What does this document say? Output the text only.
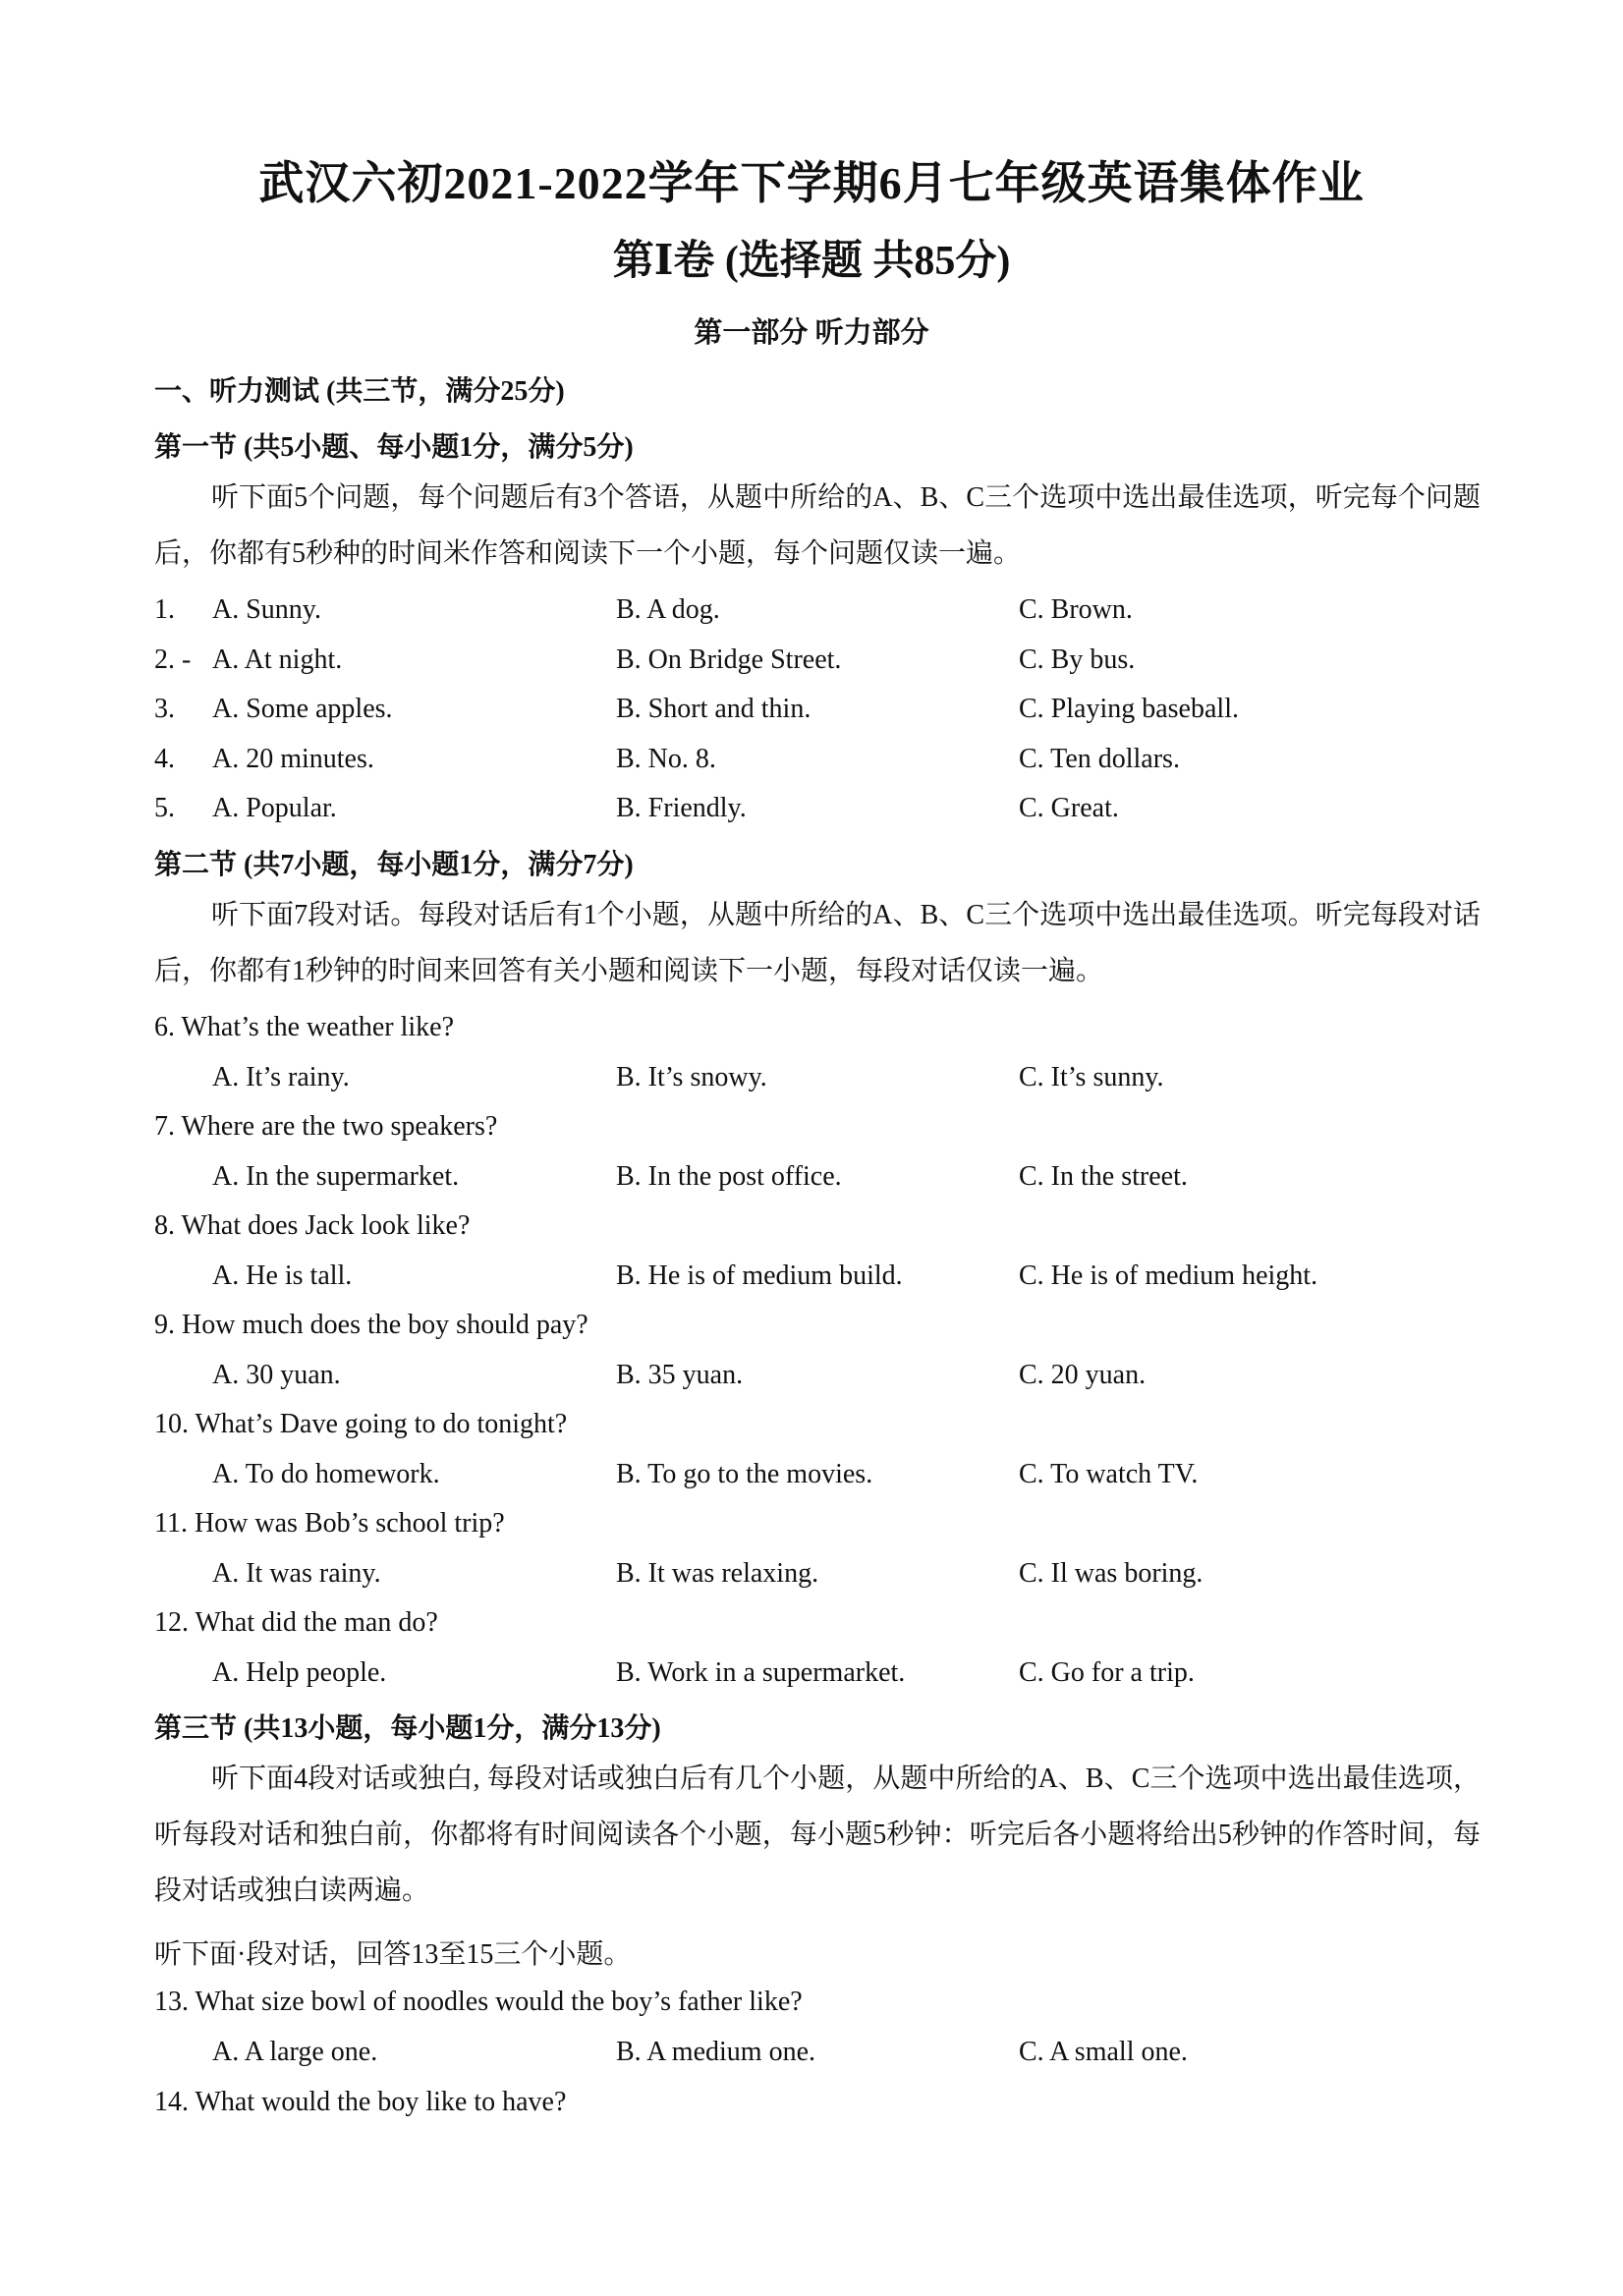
武汉六初2021-2022学年下学期6月七年级英语集体作业
第Ⅰ卷 (选择题 共85分)
第一部分 听力部分
一、听力测试 (共三节，满分25分)
第一节 (共5小题、每小题1分，满分5分)
听下面5个问题，每个问题后有3个答语，从题中所给的A、B、C三个选项中选出最佳选项，听完每个问题后，你都有5秒种的时间米作答和阅读下一个小题，每个问题仅读一遍。
1. A. Sunny.	B. A dog.	C. Brown.
2. - A. At night.	B. On Bridge Street.	C. By bus.
3. A. Some apples.	B. Short and thin.	C. Playing baseball.
4. A. 20 minutes.	B. No. 8.	C. Ten dollars.
5. A. Popular.	B. Friendly.	C. Great.
第二节 (共7小题，每小题1分，满分7分)
听下面7段对话。每段对话后有1个小题，从题中所给的A、B、C三个选项中选出最佳选项。听完每段对话后，你都有1秒钟的时间来回答有关小题和阅读下一小题，每段对话仅读一遍。
6. What’s the weather like?
A. It’s rainy.	B. It’s snowy.	C. It’s sunny.
7. Where are the two speakers?
A. In the supermarket.	B. In the post office.	C. In the street.
8. What does Jack look like?
A. He is tall.	B. He is of medium build.	C. He is of medium height.
9. How much does the boy should pay?
A. 30 yuan.	B. 35 yuan.	C. 20 yuan.
10. What’s Dave going to do tonight?
A. To do homework.	B. To go to the movies.	C. To watch TV.
11. How was Bob’s school trip?
A. It was rainy.	B. It was relaxing.	C. Il was boring.
12. What did the man do?
A. Help people.	B. Work in a supermarket.	C. Go for a trip.
第三节 (共13小题，每小题1分，满分13分)
听下面4段对话或独白, 每段对话或独白后有几个小题，从题中所给的A、B、C三个选项中选出最佳选项，听每段对话和独白前，你都将有时间阅读各个小题，每小题5秒钟：听完后各小题将给出5秒钟的作答时间，每段对话或独白读两遍。
听下面·段对话，回答13至15三个小题。
13. What size bowl of noodles would the boy’s father like?
A. A large one.	B. A medium one.	C. A small one.
14. What would the boy like to have?
